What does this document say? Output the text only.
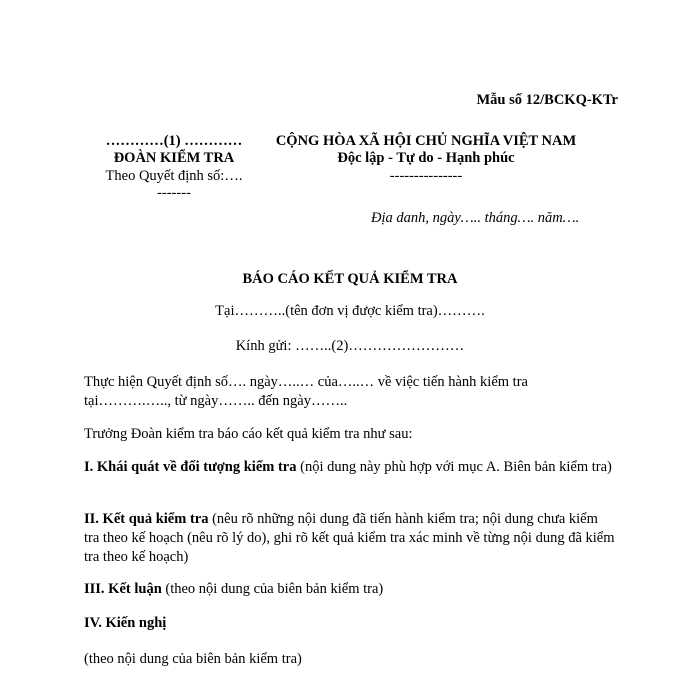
Mẫu số 12/BCKQ-KTr
…………(1) …………
ĐOÀN KIỂM TRA
Theo Quyết định số:….
-------
CỘNG HÒA XÃ HỘI CHỦ NGHĨA VIỆT NAM
Độc lập - Tự do - Hạnh phúc
---------------
Địa danh, ngày….. tháng…. năm….
BÁO CÁO KẾT QUẢ KIỂM TRA
Tại………..(tên đơn vị được kiểm tra)……….
Kính gửi: ……..(2)……………………
Thực hiện Quyết định số…. ngày…..… của…..… về việc tiến hành kiểm tra tại……….….., từ ngày…….. đến ngày……..
Trưởng Đoàn kiểm tra báo cáo kết quả kiểm tra như sau:
I. Khái quát về đối tượng kiểm tra (nội dung này phù hợp với mục A. Biên bản kiểm tra)
II. Kết quả kiểm tra (nêu rõ những nội dung đã tiến hành kiểm tra; nội dung chưa kiểm tra theo kế hoạch (nêu rõ lý do), ghi rõ kết quả kiểm tra xác minh về từng nội dung đã kiểm tra theo kế hoạch)
III. Kết luận (theo nội dung của biên bản kiểm tra)
IV. Kiến nghị
(theo nội dung của biên bản kiểm tra)
